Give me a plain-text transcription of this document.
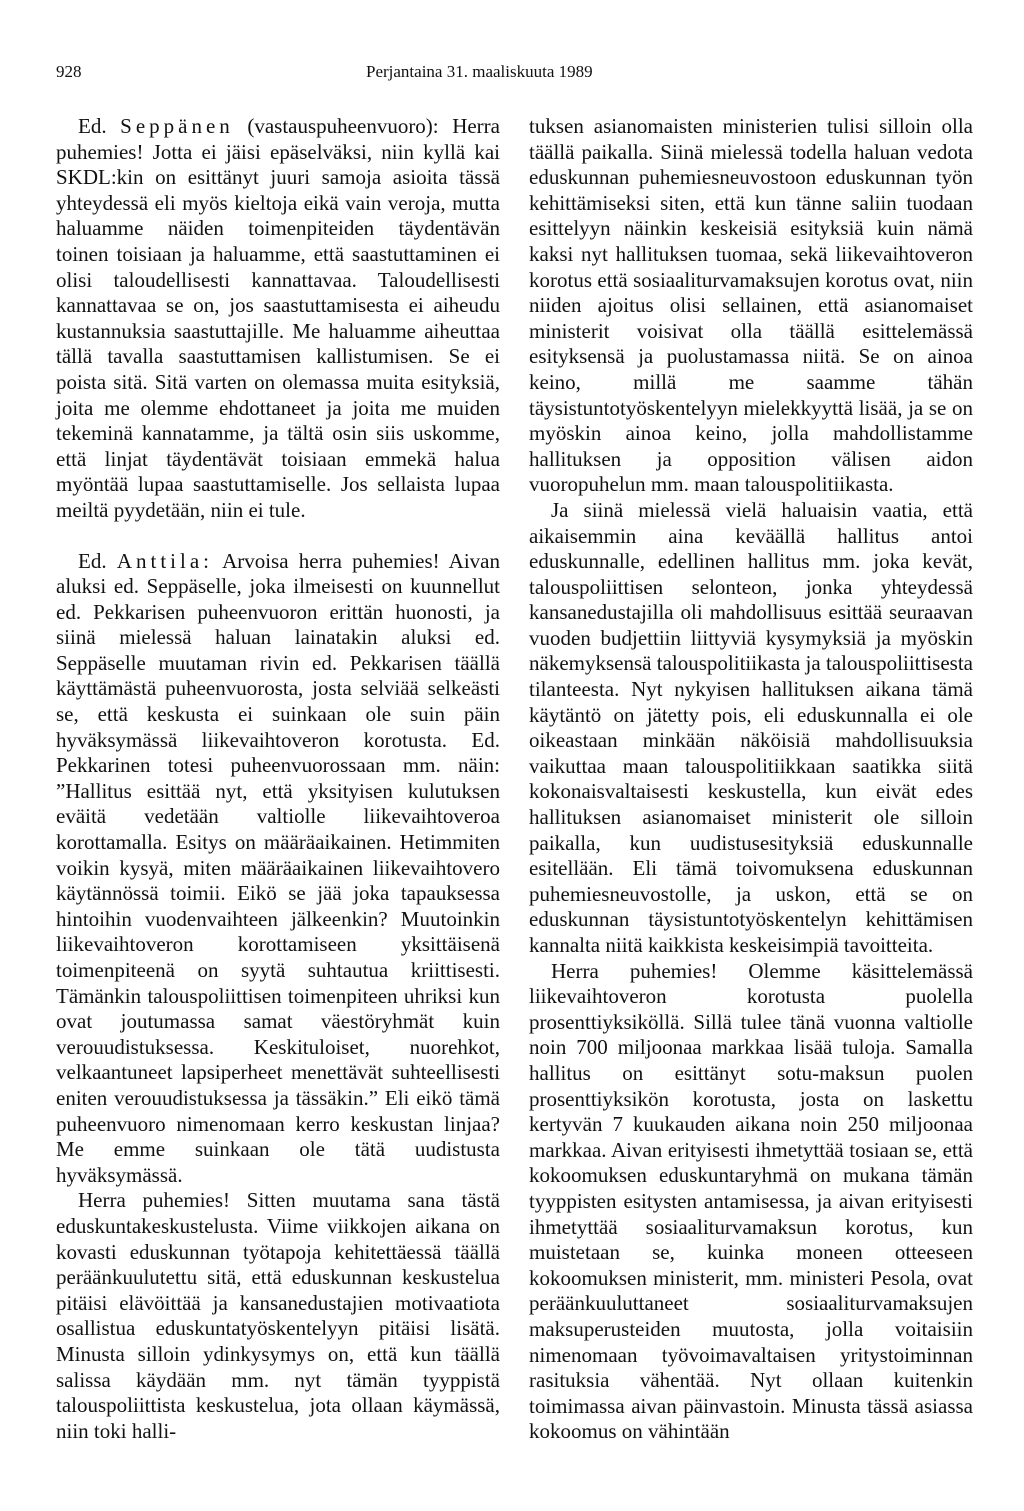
928	Perjantaina 31. maaliskuuta 1989

Ed. Seppänen (vastauspuheenvuoro): Herra puhemies! Jotta ei jäisi epäselväksi, niin kyllä kai SKDL:kin on esittänyt juuri samoja asioita tässä yhteydessä eli myös kieltoja eikä vain veroja, mutta haluamme näiden toimenpiteiden täydentävän toinen toisiaan ja haluamme, että saastuttaminen ei olisi taloudellisesti kannattavaa. Taloudellisesti kannattavaa se on, jos saastuttamisesta ei aiheudu kustannuksia saastuttajille. Me haluamme aiheuttaa tällä tavalla saastuttamisen kallistumisen. Se ei poista sitä. Sitä varten on olemassa muita esityksiä, joita me olemme ehdottaneet ja joita me muiden tekeminä kannatamme, ja tältä osin siis uskomme, että linjat täydentävät toisiaan emmekä halua myöntää lupaa saastuttamiselle. Jos sellaista lupaa meiltä pyydetään, niin ei tule.

Ed. Anttila: Arvoisa herra puhemies! Aivan aluksi ed. Seppäselle, joka ilmeisesti on kuunnellut ed. Pekkarisen puheenvuoron erittän huonosti, ja siinä mielessä haluan lainatakin aluksi ed. Seppäselle muutaman rivin ed. Pekkarisen täällä käyttämästä puheenvuorosta, josta selviää selkeästi se, että keskusta ei suinkaan ole suin päin hyväksymässä liikevaihtoveron korotusta. Ed. Pekkarinen totesi puheenvuorossaan mm. näin: ”Hallitus esittää nyt, että yksityisen kulutuksen eväitä vedetään valtiolle liikevaihtoveroa korottamalla. Esitys on määräaikainen. Hetimmiten voikin kysyä, miten määräaikainen liikevaihtovero käytännössä toimii. Eikö se jää joka tapauksessa hintoihin vuodenvaihteen jälkeenkin? Muutoinkin liikevaihtoveron korottamiseen yksittäisenä toimenpiteenä on syytä suhtautua kriittisesti. Tämänkin talouspoliittisen toimenpiteen uhriksi kun ovat joutumassa samat väestöryhmät kuin verouudistuksessa. Keskituloiset, nuorehkot, velkaantuneet lapsiperheet menettävät suhteellisesti eniten verouudistuksessa ja tässäkin.” Eli eikö tämä puheenvuoro nimenomaan kerro keskustan linjaa? Me emme suinkaan ole tätä uudistusta hyväksymässä.

Herra puhemies! Sitten muutama sana tästä eduskuntakeskustelusta. Viime viikkojen aikana on kovasti eduskunnan työtapoja kehitettäessä täällä peräänkuulutettu sitä, että eduskunnan keskustelua pitäisi elävöittää ja kansanedustajien motivaatiota osallistua eduskuntatyöskentelyyn pitäisi lisätä. Minusta silloin ydinkysymys on, että kun täällä salissa käydään mm. nyt tämän tyyppistä talouspoliittista keskustelua, jota ollaan käymässä, niin toki halli-

tuksen asianomaisten ministerien tulisi silloin olla täällä paikalla. Siinä mielessä todella haluan vedota eduskunnan puhemiesneuvostoon eduskunnan työn kehittämiseksi siten, että kun tänne saliin tuodaan esittelyyn näinkin keskeisiä esityksiä kuin nämä kaksi nyt hallituksen tuomaa, sekä liikevaihtoveron korotus että sosiaaliturvamaksujen korotus ovat, niin niiden ajoitus olisi sellainen, että asianomaiset ministerit voisivat olla täällä esittelemässä esityksensä ja puolustamassa niitä. Se on ainoa keino, millä me saamme tähän täysistuntotyöskentelyyn mielekkyyttä lisää, ja se on myöskin ainoa keino, jolla mahdollistamme hallituksen ja opposition välisen aidon vuoropuhelun mm. maan talouspolitiikasta.

Ja siinä mielessä vielä haluaisin vaatia, että aikaisemmin aina keväällä hallitus antoi eduskunnalle, edellinen hallitus mm. joka kevät, talouspoliittisen selonteon, jonka yhteydessä kansanedustajilla oli mahdollisuus esittää seuraavan vuoden budjettiin liittyviä kysymyksiä ja myöskin näkemyksensä talouspolitiikasta ja talouspoliittisesta tilanteesta. Nyt nykyisen hallituksen aikana tämä käytäntö on jätetty pois, eli eduskunnalla ei ole oikeastaan minkään näköisiä mahdollisuuksia vaikuttaa maan talouspolitiikkaan saatikka siitä kokonaisvaltaisesti keskustella, kun eivät edes hallituksen asianomaiset ministerit ole silloin paikalla, kun uudistusesityksiä eduskunnalle esitellään. Eli tämä toivomuksena eduskunnan puhemiesneuvostolle, ja uskon, että se on eduskunnan täysistuntotyöskentelyn kehittämisen kannalta niitä kaikkista keskeisimpiä tavoitteita.

Herra puhemies! Olemme käsittelemässä liikevaihtoveron korotusta puolella prosenttiyksiköllä. Sillä tulee tänä vuonna valtiolle noin 700 miljoonaa markkaa lisää tuloja. Samalla hallitus on esittänyt sotu-maksun puolen prosenttiyksikön korotusta, josta on laskettu kertyvän 7 kuukauden aikana noin 250 miljoonaa markkaa. Aivan erityisesti ihmetyttää tosiaan se, että kokoomuksen eduskuntaryhmä on mukana tämän tyyppisten esitysten antamisessa, ja aivan erityisesti ihmetyttää sosiaaliturvamaksun korotus, kun muistetaan se, kuinka moneen otteeseen kokoomuksen ministerit, mm. ministeri Pesola, ovat peräänkuuluttaneet sosiaaliturvamaksujen maksuperusteiden muutosta, jolla voitaisiin nimenomaan työvoimavaltaisen yritystoiminnan rasituksia vähentää. Nyt ollaan kuitenkin toimimassa aivan päinvastoin. Minusta tässä asiassa kokoomus on vähintään
